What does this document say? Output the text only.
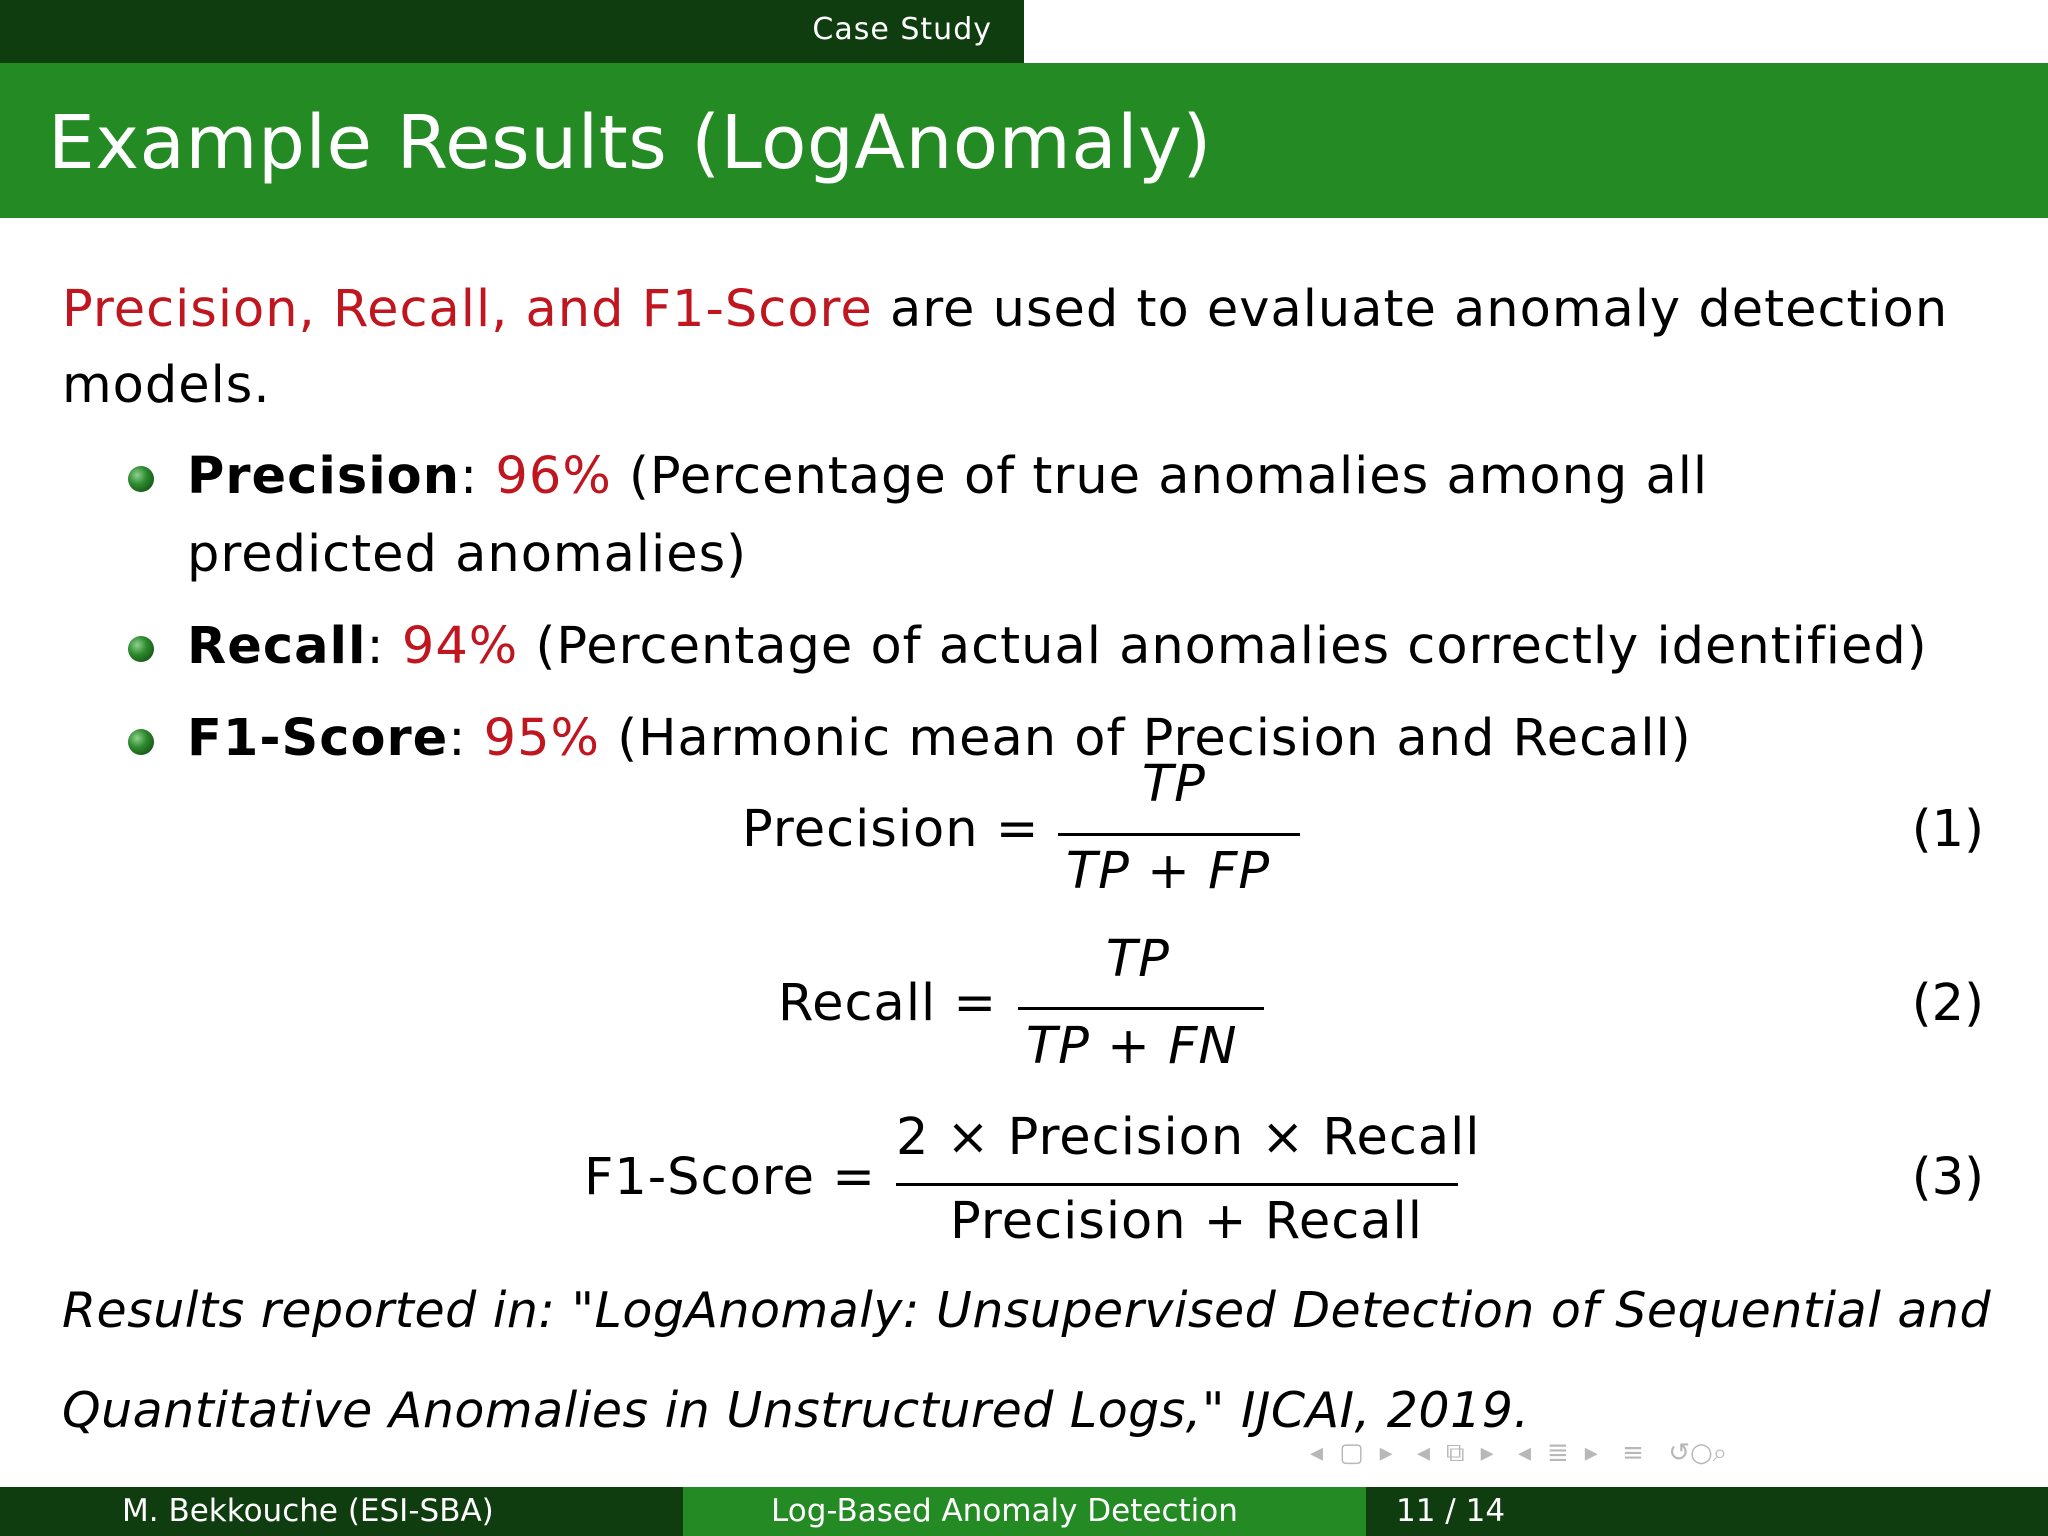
Case Study
Example Results (LogAnomaly)
Precision, Recall, and F1-Score are used to evaluate anomaly detection models.
Precision: 96% (Percentage of true anomalies among all predicted anomalies)
Recall: 94% (Percentage of actual anomalies correctly identified)
F1-Score: 95% (Harmonic mean of Precision and Recall)
Precision =
TP
TP + FP
(1)
Recall =
TP
TP + FN
(2)
F1-Score =
2 × Precision × Recall
Precision + Recall
(3)
Results reported in: "LogAnomaly: Unsupervised Detection of Sequential and
Quantitative Anomalies in Unstructured Logs," IJCAI, 2019.
◂ ▢ ▸ ◂ ⧉ ▸ ◂ ≣ ▸ ≡ ↺○⌕
M. Bekkouche (ESI-SBA)	Log-Based Anomaly Detection	11 / 14
